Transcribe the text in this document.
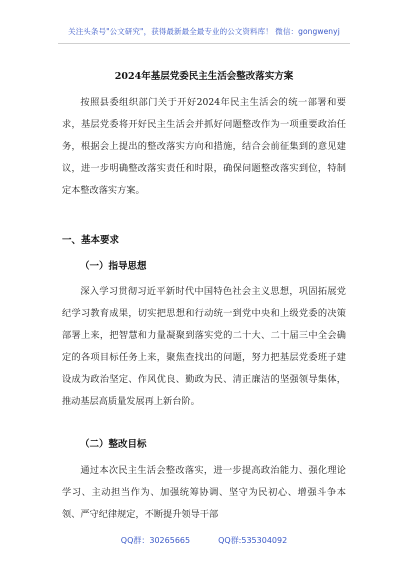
关注头条号"公文研究"，获得最新最全最专业的公文资料库！ 微信：gongwenyj
2024年基层党委民主生活会整改落实方案

按照县委组织部门关于开好2024年民主生活会的统一部署和要求，基层党委将开好民主生活会并抓好问题整改作为一项重要政治任务，根据会上提出的整改落实方向和措施，结合会前征集到的意见建议，进一步明确整改落实责任和时限，确保问题整改落实到位，特制定本整改落实方案。

一、基本要求
（一）指导思想

深入学习贯彻习近平新时代中国特色社会主义思想，巩固拓展党纪学习教育成果，切实把思想和行动统一到党中央和上级党委的决策部署上来，把智慧和力量凝聚到落实党的二十大、二十届三中全会确定的各项目标任务上来，聚焦查找出的问题，努力把基层党委班子建设成为政治坚定、作风优良、勤政为民、清正廉洁的坚强领导集体，推动基层高质量发展再上新台阶。

（二）整改目标

通过本次民主生活会整改落实，进一步提高政治能力、强化理论学习、主动担当作为、加强统筹协调、坚守为民初心、增强斗争本领、严守纪律规定，不断提升领导干部

QQ群：30265665	QQ群:535304092
